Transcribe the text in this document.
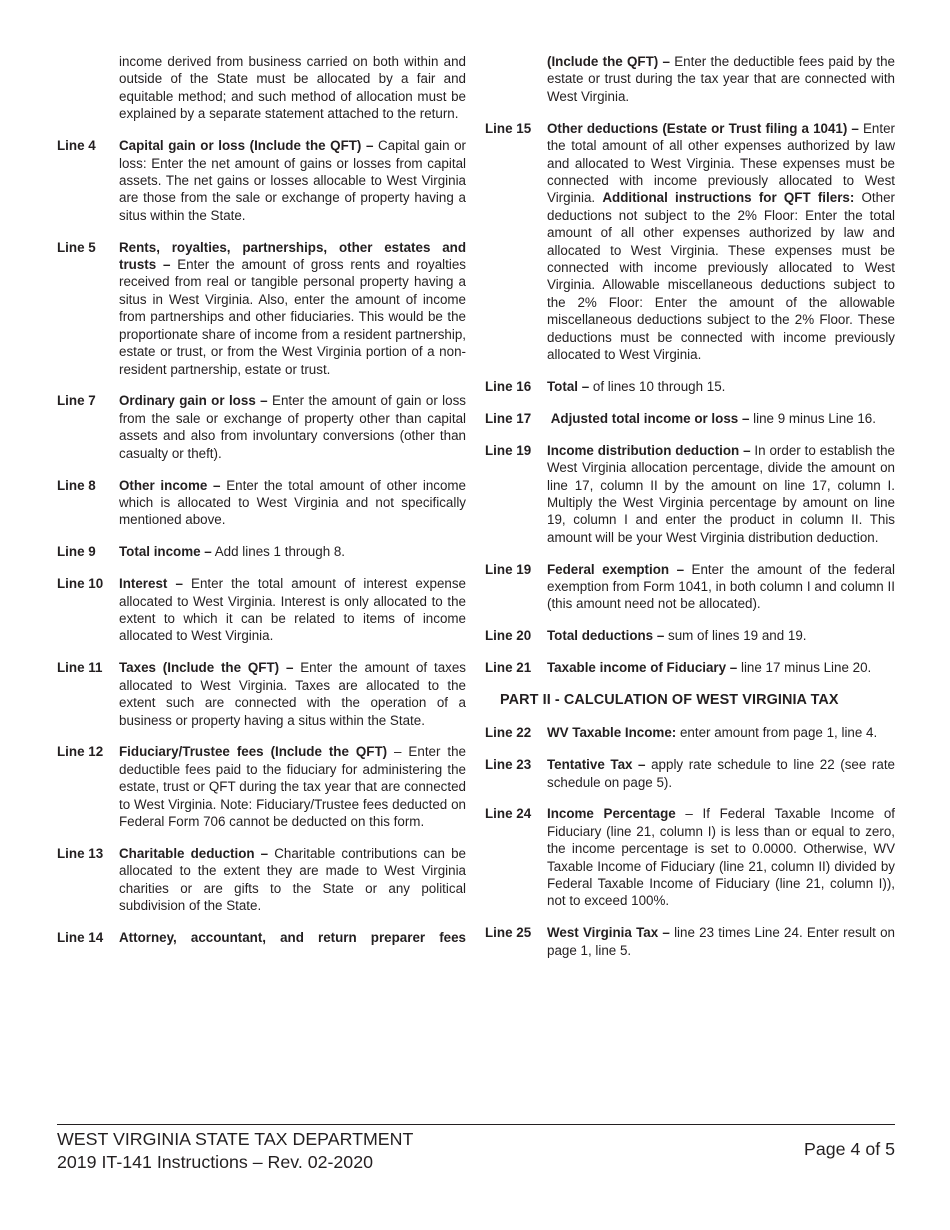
income derived from business carried on both within and outside of the State must be allocated by a fair and equitable method; and such method of allocation must be explained by a separate statement attached to the return.
Line 4	Capital gain or loss (Include the QFT) – Capital gain or loss: Enter the net amount of gains or losses from capital assets. The net gains or losses allocable to West Virginia are those from the sale or exchange of property having a situs within the State.
Line 5	Rents, royalties, partnerships, other estates and trusts – Enter the amount of gross rents and royalties received from real or tangible personal property having a situs in West Virginia. Also, enter the amount of income from partnerships and other fiduciaries. This would be the proportionate share of income from a resident partnership, estate or trust, or from the West Virginia portion of a non-resident partnership, estate or trust.
Line 7	Ordinary gain or loss – Enter the amount of gain or loss from the sale or exchange of property other than capital assets and also from involuntary conversions (other than casualty or theft).
Line 8	Other income – Enter the total amount of other income which is allocated to West Virginia and not specifically mentioned above.
Line 9	Total income – Add lines 1 through 8.
Line 10	Interest – Enter the total amount of interest expense allocated to West Virginia. Interest is only allocated to the extent to which it can be related to items of income allocated to West Virginia.
Line 11	Taxes (Include the QFT) – Enter the amount of taxes allocated to West Virginia. Taxes are allocated to the extent such are connected with the operation of a business or property having a situs within the State.
Line 12	Fiduciary/Trustee fees (Include the QFT) – Enter the deductible fees paid to the fiduciary for administering the estate, trust or QFT during the tax year that are connected to West Virginia. Note: Fiduciary/Trustee fees deducted on Federal Form 706 cannot be deducted on this form.
Line 13	Charitable deduction – Charitable contributions can be allocated to the extent they are made to West Virginia charities or are gifts to the State or any political subdivision of the State.
Line 14	Attorney, accountant, and return preparer fees
(Include the QFT) – Enter the deductible fees paid by the estate or trust during the tax year that are connected with West Virginia.
Line 15	Other deductions (Estate or Trust filing a 1041) – Enter the total amount of all other expenses authorized by law and allocated to West Virginia. These expenses must be connected with income previously allocated to West Virginia. Additional instructions for QFT filers: Other deductions not subject to the 2% Floor: Enter the total amount of all other expenses authorized by law and allocated to West Virginia. These expenses must be connected with income previously allocated to West Virginia. Allowable miscellaneous deductions subject to the 2% Floor: Enter the amount of the allowable miscellaneous deductions subject to the 2% Floor. These deductions must be connected with income previously allocated to West Virginia.
Line 16	Total – of lines 10 through 15.
Line 17	Adjusted total income or loss – line 9 minus Line 16.
Line 19	Income distribution deduction – In order to establish the West Virginia allocation percentage, divide the amount on line 17, column II by the amount on line 17, column I. Multiply the West Virginia percentage by amount on line 19, column I and enter the product in column II. This amount will be your West Virginia distribution deduction.
Line 19	Federal exemption – Enter the amount of the federal exemption from Form 1041, in both column I and column II (this amount need not be allocated).
Line 20	Total deductions – sum of lines 19 and 19.
Line 21	Taxable income of Fiduciary – line 17 minus Line 20.
PART II - CALCULATION OF WEST VIRGINIA TAX
Line 22	WV Taxable Income: enter amount from page 1, line 4.
Line 23	Tentative Tax – apply rate schedule to line 22 (see rate schedule on page 5).
Line 24	Income Percentage – If Federal Taxable Income of Fiduciary (line 21, column I) is less than or equal to zero, the income percentage is set to 0.0000. Otherwise, WV Taxable Income of Fiduciary (line 21, column II) divided by Federal Taxable Income of Fiduciary (line 21, column I)), not to exceed 100%.
Line 25	West Virginia Tax – line 23 times Line 24. Enter result on page 1, line 5.
WEST VIRGINIA STATE TAX DEPARTMENT
2019 IT-141 Instructions – Rev. 02-2020
Page 4 of 5
